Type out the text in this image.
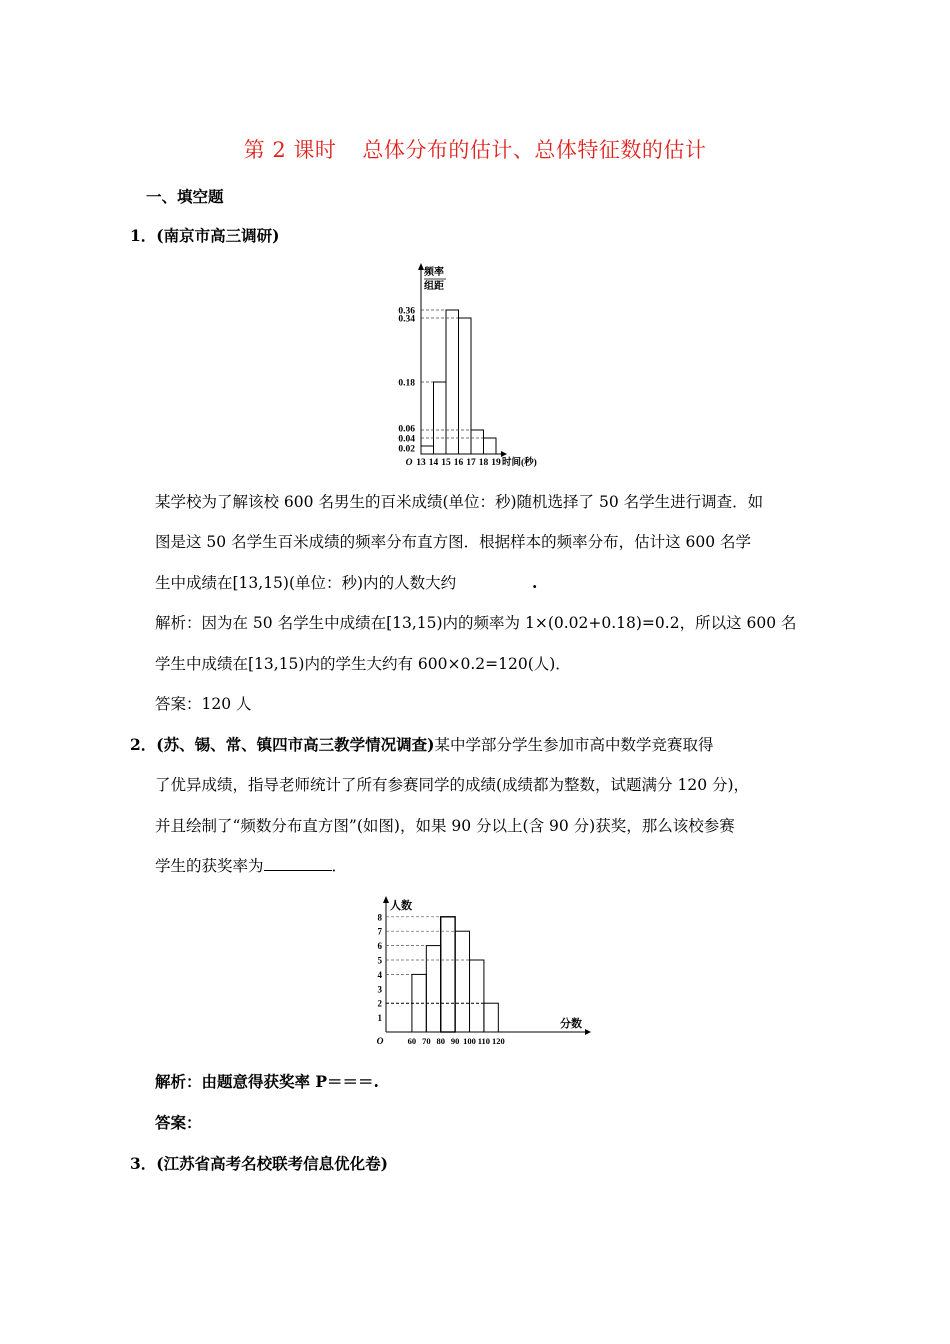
第 2 课时 总体分布的估计、总体特征数的估计
一、填空题
1．(南京市高三调研)
频率
组距
0.36
0.34
0.18
0.06
0.04
0.02
13 14 15 16 17 18 19
O	时间(秒)
某学校为了解该校 600 名男生的百米成绩(单位：秒)随机选择了 50 名学生进行调查．如
图是这 50 名学生百米成绩的频率分布直方图．根据样本的频率分布，估计这 600 名学
生中成绩在[13,15)(单位：秒)内的人数大约	.
解析：因为在 50 名学生中成绩在[13,15)内的频率为 1×(0.02+0.18)=0.2，所以这 600 名
学生中成绩在[13,15)内的学生大约有 600×0.2=120(人)．
答案：120 人
2．(苏、锡、常、镇四市高三教学情况调查)某中学部分学生参加市高中数学竞赛取得
了优异成绩，指导老师统计了所有参赛同学的成绩(成绩都为整数，试题满分 120 分)，
并且绘制了“频数分布直方图”(如图)，如果 90 分以上(含 90 分)获奖，那么该校参赛
学生的获奖率为	．
人数
分数
1
2
3
4
5
6
7
8
60 70 80 90 100 110 120
O
解析：由题意得获奖率 P＝＝＝.
答案：
3．(江苏省高考名校联考信息优化卷)
